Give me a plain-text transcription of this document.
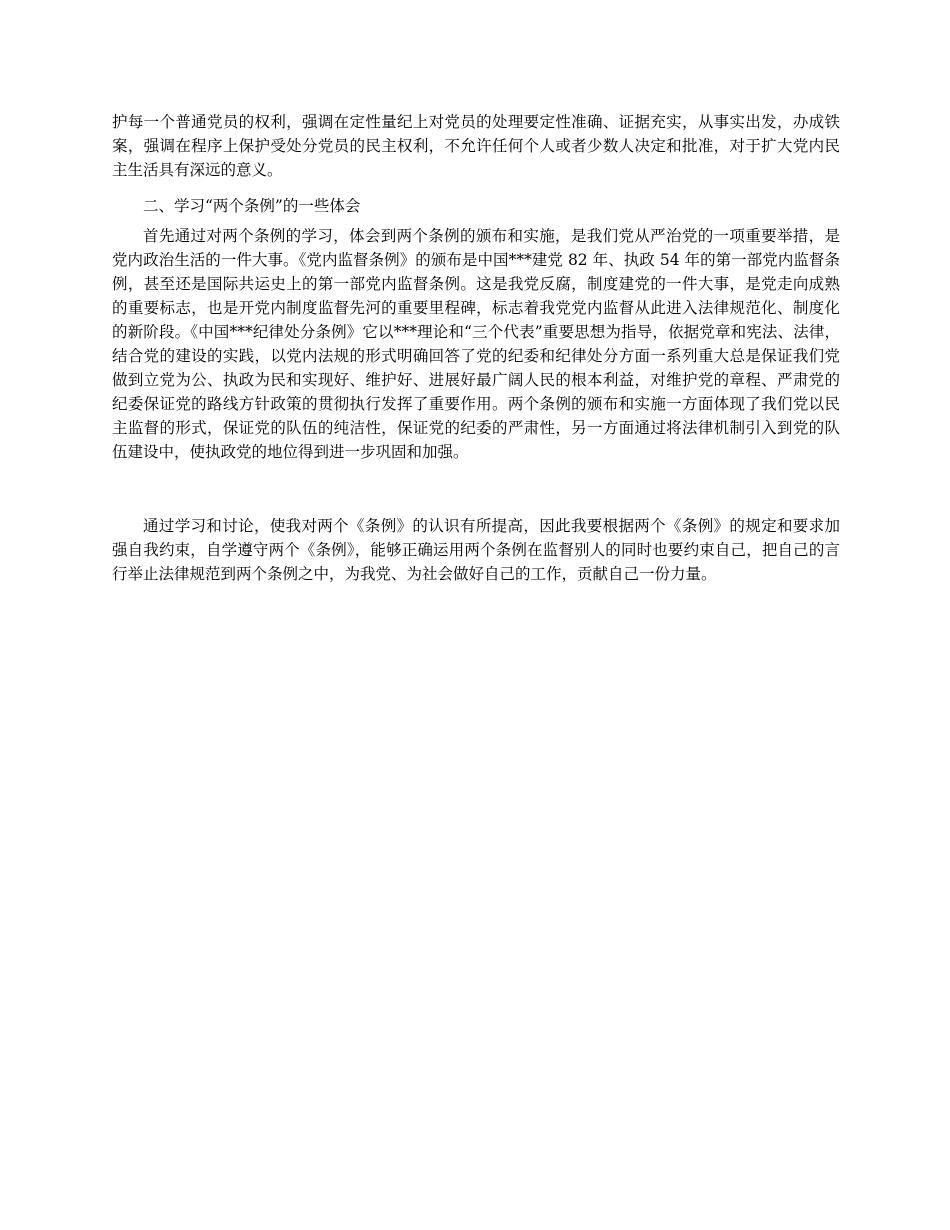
护每一个普通党员的权利，强调在定性量纪上对党员的处理要定性准确、证据充实，从事实出发，办成铁案，强调在程序上保护受处分党员的民主权利，不允许任何个人或者少数人决定和批准，对于扩大党内民主生活具有深远的意义。

二、学习“两个条例”的一些体会

首先通过对两个条例的学习，体会到两个条例的颁布和实施，是我们党从严治党的一项重要举措，是党内政治生活的一件大事。《党内监督条例》的颁布是中国***建党 82 年、执政 54 年的第一部党内监督条例，甚至还是国际共运史上的第一部党内监督条例。这是我党反腐，制度建党的一件大事，是党走向成熟的重要标志，也是开党内制度监督先河的重要里程碑，标志着我党党内监督从此进入法律规范化、制度化的新阶段。《中国***纪律处分条例》它以***理论和“三个代表”重要思想为指导，依据党章和宪法、法律，结合党的建设的实践，以党内法规的形式明确回答了党的纪委和纪律处分方面一系列重大总是保证我们党做到立党为公、执政为民和实现好、维护好、进展好最广阔人民的根本利益，对维护党的章程、严肃党的纪委保证党的路线方针政策的贯彻执行发挥了重要作用。两个条例的颁布和实施一方面体现了我们党以民主监督的形式，保证党的队伍的纯洁性，保证党的纪委的严肃性，另一方面通过将法律机制引入到党的队伍建设中，使执政党的地位得到进一步巩固和加强。

通过学习和讨论，使我对两个《条例》的认识有所提高，因此我要根据两个《条例》的规定和要求加强自我约束，自学遵守两个《条例》，能够正确运用两个条例在监督别人的同时也要约束自己，把自己的言行举止法律规范到两个条例之中，为我党、为社会做好自己的工作，贡献自己一份力量。
